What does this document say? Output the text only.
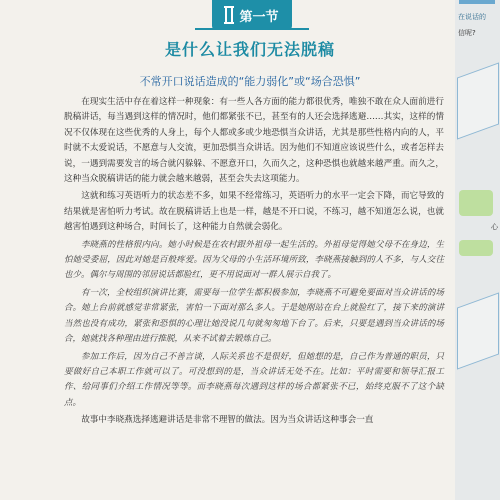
第一节
是什么让我们无法脱稿
不常开口说话造成的“能力弱化”或“场合恐惧”

在现实生活中存在着这样一种现象：有一些人各方面的能力都很优秀，唯独不敢在众人面前进行脱稿讲话，每当遇到这样的情况时，他们都紧张不已，甚至有的人还会选择逃避……其实，这样的情况不仅体现在这些优秀的人身上，每个人都或多或少地恐惧当众讲话，尤其是那些性格内向的人，平时就不太爱说话，不愿意与人交流，更加恐惧当众讲话。因为他们不知道应该说些什么，或者怎样去说，一遇到需要发言的场合就闪躲躲、不愿意开口，久而久之，这种恐惧也就越来越严重。而久之，这种当众脱稿讲话的能力就会越来越弱，甚至会失去这项能力。

这就和练习英语听力的状态差不多，如果不经常练习，英语听力的水平一定会下降，而它导致的结果就是害怕听力考试。故在脱稿讲话上也是一样，越是不开口说，不练习，越不知道怎么说，也就越害怕遇到这种场合，时间长了，这种能力自然就会弱化。

李晓燕的性格很内向。她小时候是在农村跟外祖母一起生活的。外祖母觉得她父母不在身边，生怕她受委屈，因此对她是百般疼爱。因为父母的小生活环境所致，李晓燕接触到的人不多，与人交往也少。偶尔与周围的邻居说话都脸红，更不用说面对一群人展示自我了。

有一次，全校组织演讲比赛，需要每一位学生都积极参加，李晓燕不可避免要面对当众讲话的场合。她上台前就感觉非常紧张，害怕一下面对那么多人。于是她刚站在台上就脸红了，接下来的演讲当然也没有成功，紧张和恐惧的心理让她没说几句就匆匆地下台了。后来，只要是遇到当众讲话的场合，她就找各种理由进行推脱，从来不试着去锻炼自己。

参加工作后，因为自己不善言谈，人际关系也不是很好，但她想的是，自己作为普通的职员，只要做好自己本职工作就可以了。可没想到的是，当众讲话无处不在。比如：平时需要和领导汇报工作、给同事们介绍工作情况等等。而李晓燕每次遇到这样的场合都紧张不已，始终克服不了这个缺点。

故事中李晓燕选择逃避讲话是非常不理智的做法。因为当众讲话这种事会一直

在说话的
信呢?
心
